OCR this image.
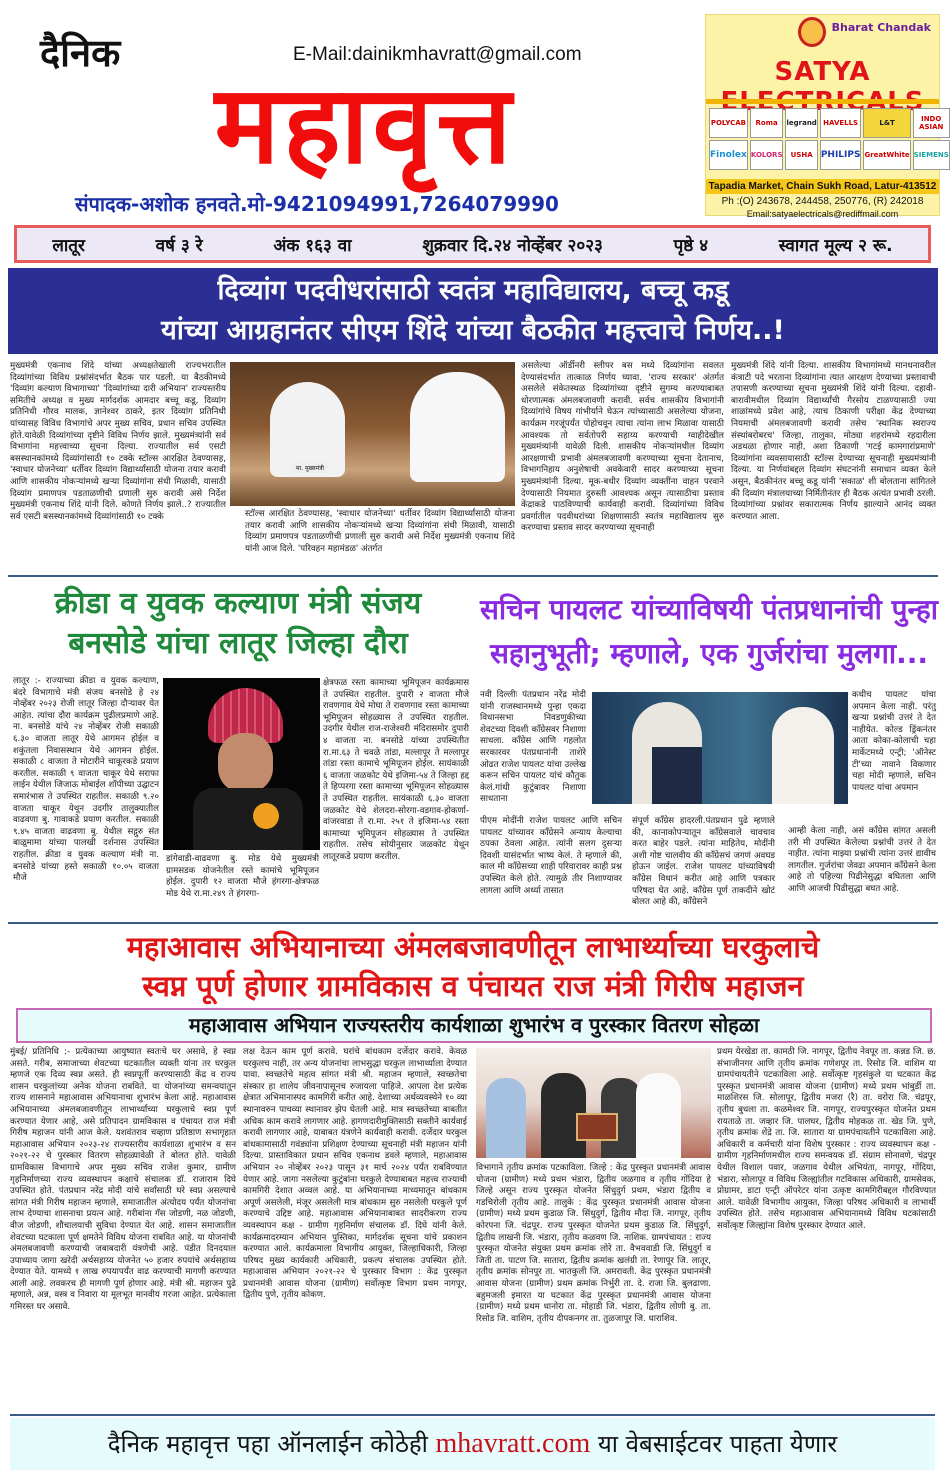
दैनिक	E-Mail:dainikmhavratt@gmail.com
महावृत्त
संपादक-अशोक हनवते.मो-9421094991,7264079990
Bharat Chandak
SATYA
POLYCAB	Roma	legrand HAVELLS	L&T	INDO ASIAN
Finolex KOLORS	USHA PHILIPS GreatWhite SIEMENS
Tapadia Market, Chain Sukh Road, Latur-413512
Ph :(O) 243678, 244458, 250776, (R) 242018
Email:satyaelectricals@rediffmail.com
लातूर	वर्ष ३ रे	अंक १६३ वा	शुक्रवार दि.२४ नोव्हेंबर २०२३	पृष्ठे ४	स्वागत मूल्य २ रू.
दिव्यांग पदवीधरांसाठी स्वतंत्र महाविद्यालय, बच्चू कडू
यांच्या आग्रहानंतर सीएम शिंदे यांच्या बैठकीत महत्त्वाचे निर्णय..!
मुख्यमंत्री एकनाथ शिंदे यांच्या अध्यक्षतेखाली राज्यभरातील दिव्यांगांच्या विविध प्रश्नांसंदर्भात बैठक पार पडली. या बैठकीमध्ये 'दिव्यांग कल्याण विभागाच्या' 'दिव्यांगांच्या दारी अभियान' राज्यस्तरीय समितीचे अध्यक्ष व मुख्य मार्गदर्शक आमदार बच्चू कडू, दिव्यांग प्रतिनिधी गौरव मालक, ज्ञानेश्वर ठाकरे, इतर दिव्यांग प्रतिनिधी यांच्यासह विविध विभागांचे अपर मुख्य सचिव, प्रधान सचिव उपस्थित होते.यावेळी दिव्यांगांच्या दृष्टीने विविध निर्णय झाले. मुख्यमंत्र्यांनी सर्व विभागांना महत्त्वाच्या सूचना दिल्या. राज्यातील सर्व एसटी बसस्थानकांमध्ये दिव्यांगांसाठी १० टक्के स्टॉल्स आरक्षित ठेवण्यासह, 'स्वाधार योजनेच्या' धर्तीवर दिव्यांग विद्यार्थ्यांसाठी योजना तयार करावी आणि शासकीय नोकऱ्यांमध्ये खऱ्या दिव्यांगांना संधी मिळावी, यासाठी दिव्यांग प्रमाणपत्र पडताळणीची प्रणाली सुरु करावी असे निर्देश मुख्यमंत्री एकनाथ शिंदे यांनी दिले. कोणते निर्णय झाले..? राज्यातील सर्व एसटी बसस्थानकांमध्ये दिव्यांगांसाठी १० टक्के
मा. मुख्यमंत्री
स्टॉल्स आरक्षित ठेवण्यासह, 'स्वाधार योजनेच्या' धर्तीवर दिव्यांग विद्यार्थ्यांसाठी योजना तयार करावी आणि शासकीय नोकऱ्यांमध्ये खऱ्या दिव्यांगांना संधी मिळावी, यासाठी दिव्यांग प्रमाणपत्र पडताळणीची प्रणाली सुरु करावी असे निर्देश मुख्यमंत्री एकनाथ शिंदे यांनी आज दिले. 'परिवहन महामंडळ' अंतर्गत
असलेल्या ऑर्डीनरी स्लीपर बस मध्ये दिव्यांगांना सवलत देण्यासंदर्भात तात्काळ निर्णय घ्यावा. 'राज्य सरकार' अंतर्गत असलेले संकेतस्थळ दिव्यांगांच्या दृष्टीने सुगम्य करण्याबाबत धोरणात्मक अंमलबजावणी करावी. सर्वच शासकीय विभागांनी दिव्यांगांचे विषय गांभीर्याने घेऊन त्यांच्यासाठी असलेल्या योजना, कार्यक्रम गरजूंपर्यंत पोहोचवून त्याचा त्यांना लाभ मिळावा यासाठी आवश्यक तो सर्वतोपरी सहाय्य करण्याची ग्वाहीदेखील मुख्यमंत्र्यांनी यावेळी दिली. शासकीय नोकऱ्यांमधील दिव्यांग आरक्षणाची प्रभावी अंमलबजावणी करण्याच्या सूचना देतानाच, विभागनिहाय अनुशेषाची अवकेवारी सादर करण्याच्या सूचना मुख्यमंत्र्यांनी दिल्या. मूक-बधीर दिव्यांग व्यक्तींना वाहन परवाने देण्यासाठी नियमात दुरुस्ती आवश्यक असून त्यासाठीचा प्रस्ताव केंद्राकडे पाठविण्याची कार्यवाही करावी. दिव्यांगांच्या विविध प्रवर्गातील पदवीधरांच्या शिक्षणासाठी स्वतंत्र महाविद्यालय सुरु करण्याचा प्रस्ताव सादर करण्याच्या सूचनाही
मुख्यमंत्री शिंदे यांनी दिल्या. शासकीय विभागांमध्ये मानधनावरील कंत्राटी पदे भरताना दिव्यांगांना त्यात आरक्षण देण्याच्या प्रस्तावाची तपासणी करण्याच्या सूचना मुख्यमंत्री शिंदे यांनी दिल्या. दहावी-बारावीमधील दिव्यांग विद्यार्थ्यांची गैरसोय टाळण्यासाठी ज्या शाळांमध्ये प्रवेश आहे, त्याच ठिकाणी परीक्षा केंद्र देण्याच्या नियमाची अंमलबजावणी करावी तसेच 'स्थानिक स्वराज्य संस्थांबरोबरच' जिल्हा, तालुका, मोठ्या शहरांमध्ये रहदारीला अडथळा होणार नाही, अशा ठिकाणी 'गटई कामगारांप्रमाणे' दिव्यांगांना व्यवसायासाठी स्टॉल्स देण्याच्या सूचनाही मुख्यमंत्र्यांनी दिल्या. या निर्णयांबद्दल दिव्यांग संघटनांनी समाधान व्यक्त केले असून, बैठकीनंतर बच्चू कडू यांनी 'सकाळ' शी बोलताना सांगितले की दिव्यांग मंत्रालयाच्या निर्मितीनंतर ही बैठक अत्यंत प्रभावी ठरली. दिव्यांगांच्या प्रश्नांवर सकारात्मक निर्णय झाल्याने आनंद व्यक्त करण्यात आला.
क्रीडा व युवक कल्याण मंत्री संजय
बनसोडे यांचा लातूर जिल्हा दौरा
लातूर :- राज्याच्या क्रीडा व युवक कल्याण, बंदरे विभागाचे मंत्री संजय बनसोडे हे २४ नोव्हेंबर २०२३ रोजी लातूर जिल्हा दौऱ्यावर येत आहेत. त्यांचा दौरा कार्यक्रम पुढीलप्रमाणे आहे. ना. बनसोडे यांचे २४ नोव्हेंबर रोजी सकाळी ६.३० वाजता लातूर येथे आगमन होईल व शकुंतला निवासस्थान येथे आगमन होईल. सकाळी ८ वाजता ते मोटारीने चाकूरकडे प्रयाण करतील. सकाळी ९ वाजता चाकूर येथे सराफा लाईन येथील जिजाऊ मोबाईल शॉपीच्या उद्घाटन समारंभास ते उपस्थित राहतील. सकाळी ९.२० वाजता चाकूर येथून उदगीर तालुक्यातील वाढवणा बु. गावाकडे प्रयाण करतील. सकाळी ९.४५ वाजता वाढवणा बु. येथील सद्गुरु संत बाळूमामा यांच्या पालखी दर्शनास उपस्थित राहतील. क्रीडा व युवक कल्याण मंत्री ना. बनसोडे यांच्या हस्ते सकाळी १०.०५ वाजता मौजे
डांगेवाडी-वाढवणा बु. मोड येथे मुख्यमंत्री ग्रामसडक योजनेतील रस्ते कामांचे भूमिपूजन होईल. दुपारी १२ वाजता मौजे हंगरगा-क्षेत्रफळ मोड येथे रा.मा.२४९ ते हंगरगा-
क्षेत्रफळ रस्ता कामाच्या भूमिपूजन कार्यक्रमास ते उपस्थित राहतील. दुपारी २ वाजता मौजे रावणगाव येथे मोघा ते रावणगाव रस्ता कामाच्या भूमिपूजन सोहळ्यास ते उपस्थित राहतील. उदगीर येथील राज-राजेश्वरी मंदिरासमोर दुपारी ४ वाजता ना. बनसोडे यांच्या उपस्थितीत रा.मा.६३ ते चवळे तांडा, मल्लापूर ते मल्लापूर तांडा रस्ता कामाचे भूमिपूजन होईल. सायंकाळी ६ वाजता जळकोट येथे इजिमा-५४ ते जिल्हा हद्द ते हिप्परगा रस्ता कामाच्या भूमिपूजन सोहळ्यास ते उपस्थित राहतील. सायंकाळी ६.३० वाजता जळकोट येथे शेलदरा-सोरगा-वडगाव-होकर्णा-वांजरवाडा ते रा.मा. २५१ ते इजिमा-५४ रस्ता कामाच्या भूमिपूजन सोहळ्यास ते उपस्थित राहतील. तसेच सोयीनुसार जळकोट येथून लातूरकडे प्रयाण करतील.
सचिन पायलट यांच्याविषयी पंतप्रधानांची पुन्हा
सहानुभूती; म्हणाले, एक गुर्जरांचा मुलगा...
नवी दिल्लीः पंतप्रधान नरेंद्र मोदी यांनी राजस्थानमध्ये पुन्हा एकदा विधानसभा निवडणुकीच्या शेवटच्या दिवशी काँग्रेसवर निशाणा साधला. काँग्रेस आणि गहलोत सरकारवर पंतप्रधानांनी ताशेरे ओढत राजेश पायलट यांचा उल्लेख करून सचिन पायलट यांचं कौतुक केलं.गांधी कुटुंबावर निशाणा साधताना
कधीच पायलट यांचा अपमान केला नाही. परंतु खऱ्या प्रश्नांची उत्तरं ते देत नाहीयेत. कोल्ड ड्रिंकनंतर आता कोका-कोलाची चहा मार्केटमध्ये एन्ट्री; 'ऑनेस्ट टी'च्या नावाने विकणार चहा मोदी म्हणाले, सचिन पायलट यांचा अपमान
पीएम मोदींनी राजेश पायलट आणि सचिन पायलट यांच्यावर काँग्रेसने अन्याय केल्याचा ठपका ठेवला आहेत. त्यांनी सलग दुसऱ्या दिवशी यासंदर्भात भाष्य केलं. ते म्हणाले की, काल मी काँग्रेसच्या शाही परिवारावर काही प्रश्न उपस्थित केले होते. त्यामुळे तीर निशाण्यावर लागला आणि अर्ध्या तासात
संपूर्ण काँग्रेस हादरली.पंतप्रधान पुढे म्हणाले की, कानाकोपऱ्यातून काँग्रेसवाले चावचाव करत बाहेर पडले. त्यांना माहितेय, मोदींनी अशी गोष्ट चालवीय की काँग्रेसचं जगणं अवघड होऊन जाईल. राजेश पायलट यांच्याविषयी काँग्रेस विधानं करीत आहे आणि पत्रकार परिषदा घेत आहे. काँग्रेस पूर्ण ताकदीने खोटं बोलत आहे की, काँग्रेसने
आम्ही केला नाही, असं काँग्रेस सांगत असली तरी मी उपस्थित केलेल्या प्रश्नांची उत्तरं ते देत नाहीत. त्यांना माझ्या प्रश्नांची त्यांना उत्तरं द्यावीच लागतील. गुर्जरांचा जेवढा अपमान काँग्रेसने केला आहे तो पहिल्या पिढीनेसुद्धा बघितला आणि आणि आजची पिढीसुद्धा बघत आहे.
महाआवास अभियानाच्या अंमलबजावणीतून लाभार्थ्याच्या घरकुलाचे
स्वप्न पूर्ण होणार ग्रामविकास व पंचायत राज मंत्री गिरीष महाजन
महाआवास अभियान राज्यस्तरीय कार्यशाळा शुभारंभ व पुरस्कार वितरण सोहळा
मुंबई/ प्रतिनिधि :- प्रत्येकाच्या आयुष्यात स्वतःचे घर असावे, हे स्वप्न असते. गरीब, समाजाच्या शेवटच्या घटकातील व्यक्ती यांना तर घरकुल म्हणजे एक दिव्य स्वप्न असते. ही स्वप्नपूर्ती करण्यासाठी केंद्र व राज्य शासन घरकुलांच्या अनेक योजना राबविते. या योजनांच्या समन्वयातून राज्य शासनाने महाआवास अभियानाचा शुभारंभ केला आहे. महाआवास अभियानाच्या अंमलबजावणीतून लाभार्थ्यांच्या घरकुलाचे स्वप्न पूर्ण करण्यात येणार आहे, असे प्रतिपादन ग्रामविकास व पंचायत राज मंत्री गिरीष महाजन यांनी आज केले. यशवंतराव चव्हाण प्रतिष्ठाण सभागृहात महाआवास अभियान २०२३-२४ राज्यस्तरीय कार्यशाळा शुभारंभ व सन २०२१-२२ चे पुरस्कार वितरण सोहळ्यावेळी ते बोलत होते. यावेळी ग्रामविकास विभागाचे अपर मुख्य सचिव राजेश कुमार, ग्रामीण गृहनिर्माणच्या राज्य व्यवस्थापन कक्षाचे संचालक डॉ. राजाराम दिघे उपस्थित होते. पंतप्रधान नरेंद्र मोदी यांचे सर्वांसाठी घरे स्वप्न असल्याचे सांगत मंत्री गिरीष महाजन म्हणाले, समाजातील अंत्योदय पर्यंत योजनांचा लाभ देण्याचा शासनाचा प्रयत्न आहे. गरीबांना गॅस जोडणी, नळ जोडणी, वीज जोडणी, शौचालयाची सुविधा देण्यात येत आहे. शासन समाजातील शेवटच्या घटकाला पूर्ण क्षमतेने विविध योजना राबवित आहे. या योजनांची अंमलबजावणी करण्याची जबाबदारी यंत्रणेची आहे. पंडीत दिनदयाल उपाध्याय जागा खरेदी अर्थसहाय्य योजनेत ५० हजार रुपयांचे अर्थसहाय्य देण्यात येते. यामध्ये १ लाख रुपयापर्यंत वाढ करण्याची मागणी करण्यात आली आहे. लवकरच ही मागणी पूर्ण होणार आहे. मंत्री श्री. महाजन पुढे म्हणाले, अन्न, वस्त्र व निवारा या मूलभूत मानवीय गरजा आहेत. प्रत्येकाला गमिरस्त घर असावे.
लक्ष देऊन काम पूर्ण करावे. घरांचे बांधकाम दर्जेदार करावे. केवळ घरकुलच नाही, तर अन्य योजनांचा लाभसुद्धा घरकुल लाभार्थ्याला देण्यात यावा. स्वच्छतेचे महत्व सांगत मंत्री श्री. महाजन म्हणाले, स्वच्छतेचा संस्कार हा शालेय जीवनापासूनच रुजायला पाहिजे. आपला देश प्रत्येक क्षेत्रात अभिमानास्पद कामगिरी करीत आहे. देशाच्या अर्थव्यवस्थेने १० व्या स्थानावरुन पाचव्या स्थानावर झेप घेतली आहे. मात्र स्वच्छतेच्या बाबतीत अधिक काम करावे लागणार आहे. हागणदारीमुक्तिसाठी सक्तीने कार्यवाई करावी लागणार आहे, याबाबत यंत्रणेने कार्यवाही करावी. दर्जेदार घरकुल बांधकामासाठी गवंड्यांना प्रशिक्षण देण्याच्या सूचनाही मंत्री महाजन यांनी दिल्या. प्रास्ताविकात प्रधान सचिव एकनाथ डवले म्हणाले, महाआवास अभियान २० नोव्हेंबर २०२३ पासून ३१ मार्च २०२४ पर्यंत राबविण्यात येणार आहे. जागा नसलेल्या कुटुंबांना घरकुले देण्याबाबत महत्त्व राज्याची कामगिरी देशात अव्वल आहे. या अभियानाच्या माध्यमातून बांधकाम अपूर्ण असलेली, मंजूर असलेली मात्र बांधकाम सुरु नसलेली घरकुले पूर्ण करण्याचे उद्दिष्ट आहे. महाआवास अभियानाबाबत सादरीकरण राज्य व्यवस्थापन कक्ष - ग्रामीण गृहनिर्माण संचालक डॉ. दिघे यांनी केले. कार्यक्रमादरम्यान अभियान पुस्तिका, मार्गदर्शक सूचना यांचे प्रकाशन करण्यात आले. कार्यक्रमाला विभागीय आयुक्त, जिल्हाधिकारी, जिल्हा परिषद मुख्य कार्यकारी अधिकारी, प्रकल्प संचालक उपस्थित होते. महाआवास अभियान २०२१-२२ चे पुरस्कार विभाग : केंद्र पुरस्कृत प्रधानमंत्री आवास योजना (ग्रामीण) सर्वोत्कृष्ट विभाग प्रथम नागपूर, द्वितीय पुणे, तृतीय कोकण.
विभागाने तृतीय क्रमांक पटकाविला. जिल्हे : केंद्र पुरस्कृत प्रधानमंत्री आवास योजना (ग्रामीण) मध्ये प्रथम भंडारा, द्वितीय जळगाव व तृतीय गोंदिया हे जिल्हे असून राज्य पुरस्कृत योजनेत सिंधुदुर्ग प्रथम, भंडारा द्वितीय व गडचिरोली तृतीय आहे. तालुके : केंद्र पुरस्कृत प्रधानमंत्री आवास योजना (ग्रामीण) मध्ये प्रथम कुडाळ जि. सिंधुदुर्ग, द्वितीय मौदा जि. नागपूर, तृतीय कोरपना जि. चंद्रपूर. राज्य पुरस्कृत योजनेत प्रथम कुडाळ जि. सिंधुदुर्ग, द्वितीय लाखनी जि. भंडारा, तृतीय कळवण जि. नाशिक. ग्रामपंचायत : राज्य पुरस्कृत योजनेत संयुक्त प्रथम क्रमांक लोरे ता. वैभववाडी जि. सिंधुदुर्ग व जिती ता. पाटण जि. सातारा, द्वितीय क्रमांक खलंग्री ता. रेणापूर जि. लातूर, तृतीय क्रमांक सोनपूर ता. भातकुली जि. अमरावती. केंद्र पुरस्कृत प्रधानमंत्री आवास योजना (ग्रामीण) प्रथम क्रमांक निर्भुरी ता. दे. राजा जि. बुलढाणा. बहुमजली इमारत या घटकात केंद्र पुरस्कृत प्रधानमंत्री आवास योजना (ग्रामीण) मध्ये प्रथम धानोरा ता. मोहाडी जि. भंडारा, द्वितीय लोणी बु. ता. रिसोड जि. वाशिम, तृतीय दीपकनगर ता. तुळजापूर जि. धाराशिव.
प्रथम येरखेडा ता. कामठी जि. नागपूर, द्वितीय नेवपूर ता. कन्नड जि. छ. संभाजीनगर आणि तृतीय क्रमांक गणेशपूर ता. रिसोड जि. वाशिम या ग्रामपंचायतीने पटकाविला आहे. सर्वोत्कृष्ट गृहसंकुले या घटकात केंद्र पुरस्कृत प्रधानमंत्री आवास योजना (ग्रामीण) मध्ये प्रथम भांबुर्डी ता. माळशिरस जि. सोलापूर, द्वितीय मजरा (रै) ता. वरोरा जि. चंद्रपूर, तृतीय बुधला ता. कळमेश्वर जि. नागपूर, राज्यपुरस्कृत योजनेत प्रथम रायताळे ता. जव्हार जि. पालघर, द्वितीय मोहकळ ता. खेड जि. पुणे, तृतीय क्रमांक शेंद्रे ता. जि. सातारा या ग्रामपंचायतीने पटकाविला आहे. अधिकारी व कर्मचारी यांना विशेष पुरस्कार : राज्य व्यवस्थापन कक्ष - ग्रामीण गृहनिर्माणमधील राज्य समन्वयक डॉ. संग्राम सोनावणे, चंद्रपूर येथील विशाल पवार, जळगाव येथील अभियंता, नागपूर, गोंदिया, भंडारा, सोलापूर व विविध जिल्ह्यांतील गटविकास अधिकारी, ग्रामसेवक, प्रोग्रामर, डाटा एन्ट्री ऑपरेटर यांना उत्कृष्ट कामगिरीबद्दल गौरविण्यात आले. यावेळी विभागीय आयुक्त, जिल्हा परिषद अधिकारी व लाभार्थी उपस्थित होते. तसेच महाआवास अभियानामध्ये विविध घटकांसाठी सर्वोत्कृष्ट जिल्ह्यांना विशेष पुरस्कार देण्यात आले.
दैनिक महावृत्त पहा ऑनलाईन कोठेही mhavratt.com या वेबसाईटवर पाहता येणार
